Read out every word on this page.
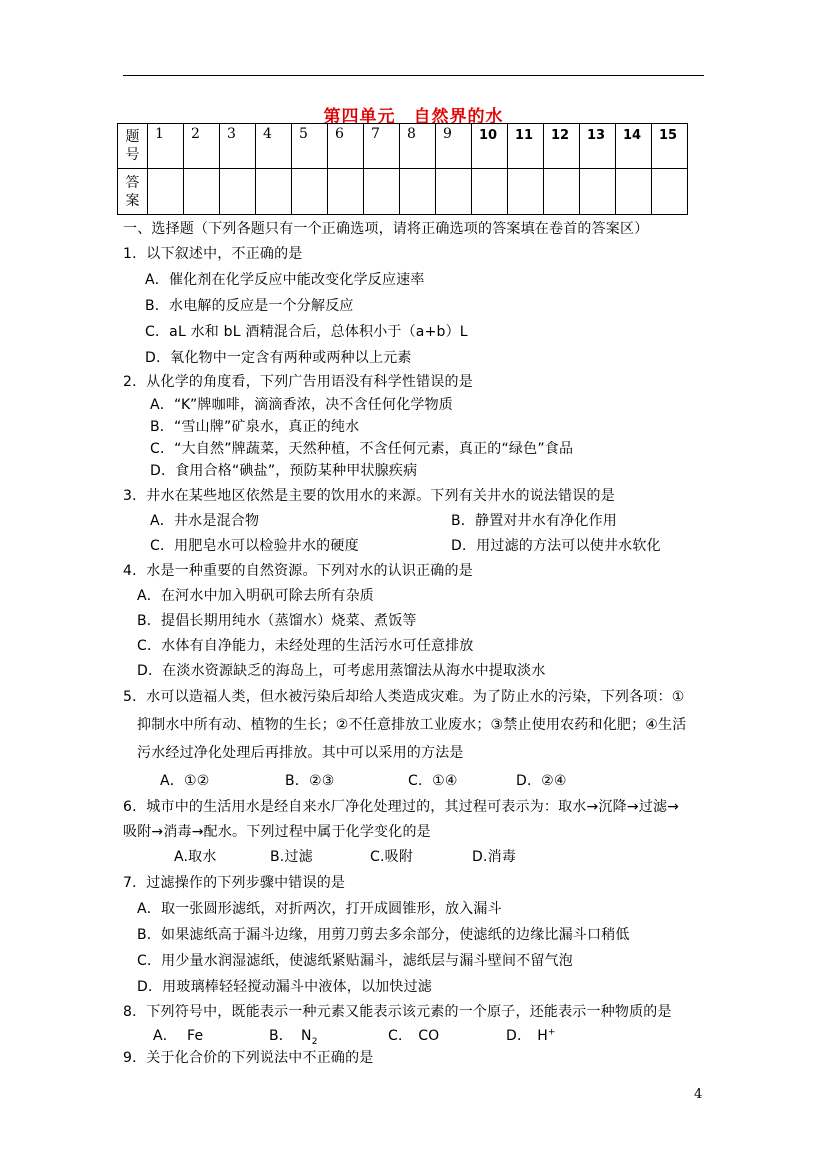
第四单元 自然界的水
题
号	1	2	3	4	5	6	7	8	9	10	11	12	13	14	15

答
案															

一、选择题（下列各题只有一个正确选项，请将正确选项的答案填在卷首的答案区）
1．以下叙述中，不正确的是
A．催化剂在化学反应中能改变化学反应速率
B．水电解的反应是一个分解反应
C．aL 水和 bL 酒精混合后，总体积小于（a+b）L
D．氧化物中一定含有两种或两种以上元素
2．从化学的角度看，下列广告用语没有科学性错误的是
A．“K”牌咖啡，滴滴香浓，决不含任何化学物质
B．“雪山牌”矿泉水，真正的纯水
C．“大自然”牌蔬菜，天然种植，不含任何元素，真正的“绿色”食品
D．食用合格“碘盐”，预防某种甲状腺疾病
3．井水在某些地区依然是主要的饮用水的来源。下列有关井水的说法错误的是
A．井水是混合物	B．静置对井水有净化作用
C．用肥皂水可以检验井水的硬度	D．用过滤的方法可以使井水软化
4．水是一种重要的自然资源。下列对水的认识正确的是
A．在河水中加入明矾可除去所有杂质
B．提倡长期用纯水（蒸馏水）烧菜、煮饭等
C．水体有自净能力，未经处理的生活污水可任意排放
D．在淡水资源缺乏的海岛上，可考虑用蒸馏法从海水中提取淡水
5．水可以造福人类，但水被污染后却给人类造成灾难。为了防止水的污染，下列各项：①
抑制水中所有动、植物的生长；②不任意排放工业废水；③禁止使用农药和化肥；④生活
污水经过净化处理后再排放。其中可以采用的方法是
A．①②	B．②③	C．①④	D．②④
6．城市中的生活用水是经自来水厂净化处理过的，其过程可表示为：取水→沉降→过滤→
吸附→消毒→配水。下列过程中属于化学变化的是
A.取水	B.过滤	C.吸附	D.消毒
7．过滤操作的下列步骤中错误的是
A．取一张圆形滤纸，对折两次，打开成圆锥形，放入漏斗
B．如果滤纸高于漏斗边缘，用剪刀剪去多余部分，使滤纸的边缘比漏斗口稍低
C．用少量水润湿滤纸，使滤纸紧贴漏斗，滤纸层与漏斗壁间不留气泡
D．用玻璃棒轻轻搅动漏斗中液体，以加快过滤
8．下列符号中，既能表示一种元素又能表示该元素的一个原子，还能表示一种物质的是
A． Fe	B． $N_2$	C． CO	D． H+
9．关于化合价的下列说法中不正确的是
4
